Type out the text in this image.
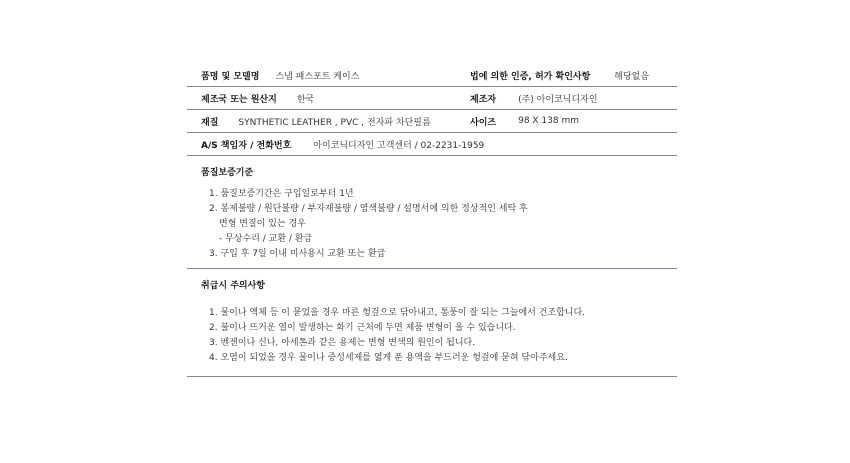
품명 및 모델명 스냅 패스포트 케이스	법에 의한 인증, 허가 확인사항	해당없음
제조국 또는 원산지 한국	제조자 (주) 아이코닉디자인
재질 SYNTHETIC LEATHER , PVC , 전자파 차단필름	사이즈 98 X 138 mm
A/S 책임자 / 전화번호 아이코닉디자인 고객센터 / 02-2231-1959
품질보증기준
1. 품질보증기간은 구입일로부터 1년
2. 봉제불량 / 원단불량 / 부자재불량 / 염색불량 / 설명서에 의한 정상적인 세탁 후
변형 변질이 있는 경우
- 무상수리 / 교환 / 환급
3. 구입 후 7일 이내 미사용시 교환 또는 환급
취급시 주의사항
1. 물이나 액체 등 이 묻었을 경우 마른 헝겊으로 닦아내고, 통풍이 잘 되는 그늘에서 건조합니다.
2. 불이나 뜨거운 열이 발생하는 화기 근처에 두면 제품 변형이 올 수 있습니다.
3. 벤젠이나 신나, 아세톤과 같은 용제는 변형 변색의 원인이 됩니다.
4. 오염이 되었을 경우 물이나 중성세제를 엷게 푼 용액을 부드러운 헝겊에 묻혀 닦아주세요.
